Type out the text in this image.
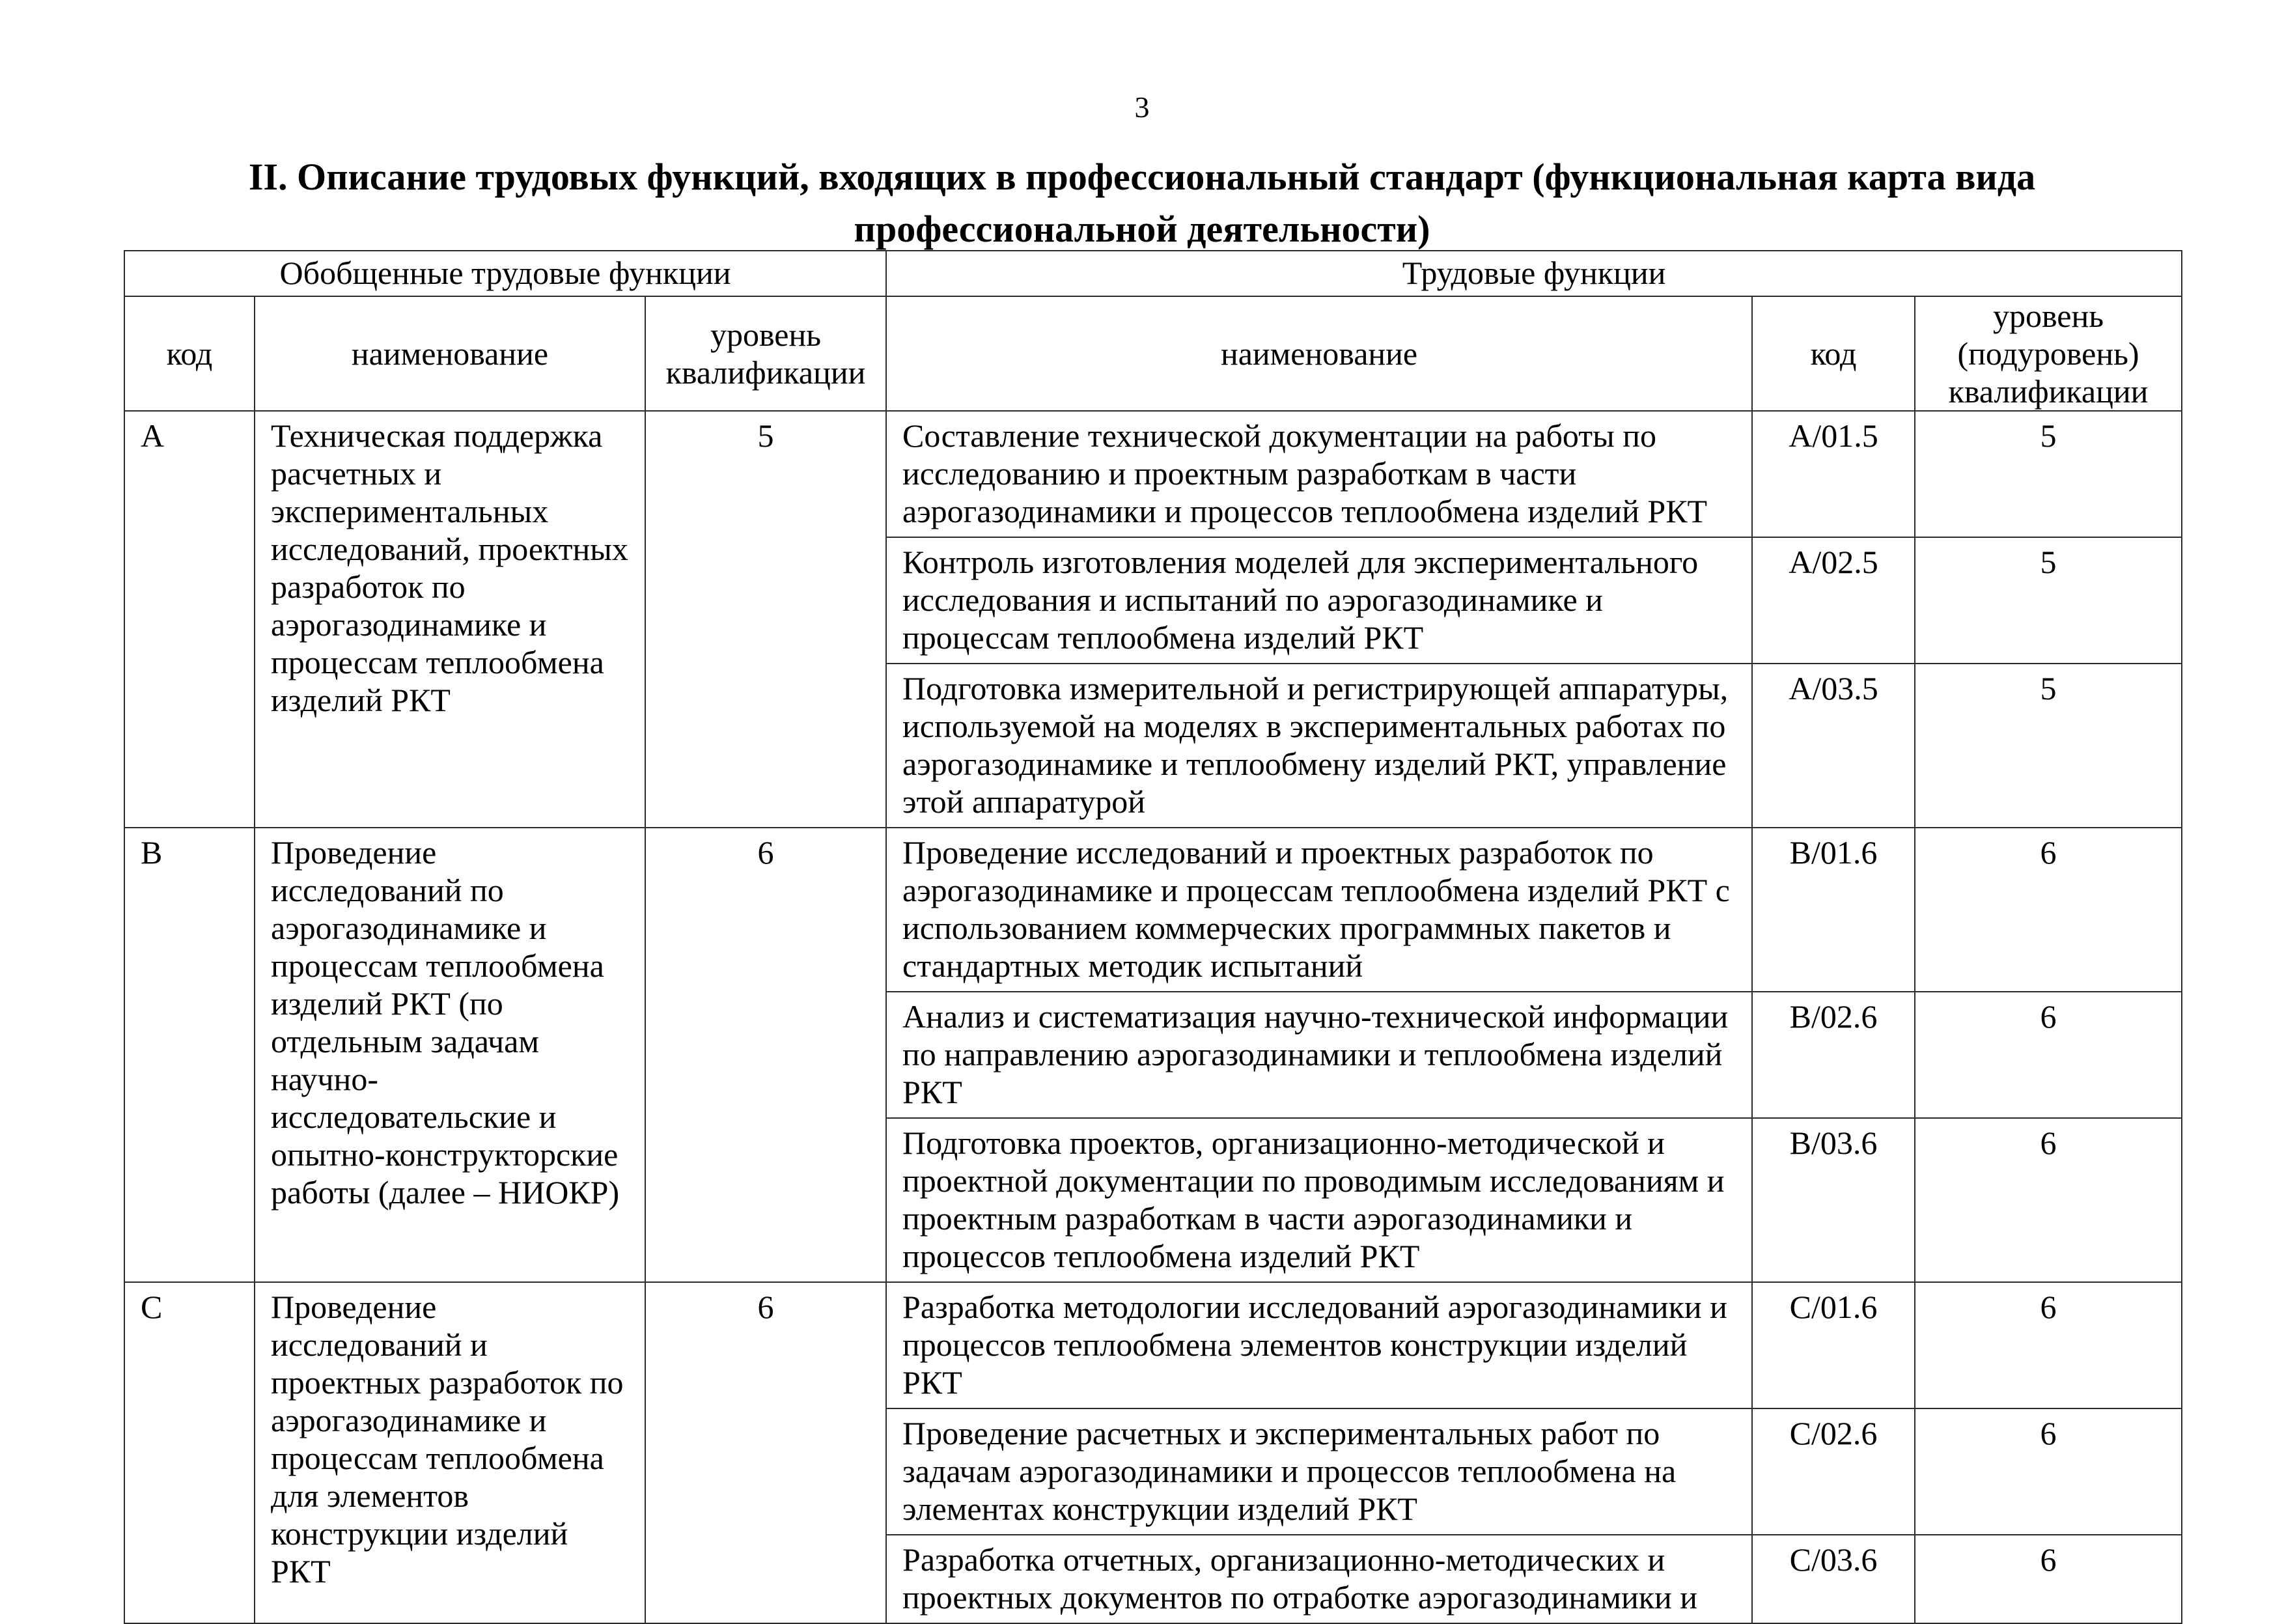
3
II. Описание трудовых функций, входящих в профессиональный стандарт (функциональная карта вида профессиональной деятельности)
Обобщенные трудовые функции			Трудовые функции		
код	наименование	уровень квалификации	наименование	код	уровень (подуровень) квалификации
A	Техническая поддержка расчетных и экспериментальных исследований, проектных разработок по аэрогазодинамике и процессам теплообмена изделий РКТ	5	Составление технической документации на работы по исследованию и проектным разработкам в части аэрогазодинамики и процессов теплообмена изделий РКТ	A/01.5	5
			Контроль изготовления моделей для экспериментального исследования и испытаний по аэрогазодинамике и процессам теплообмена изделий РКТ	A/02.5	5
			Подготовка измерительной и регистрирующей аппаратуры, используемой на моделях в экспериментальных работах по аэрогазодинамике и теплообмену изделий РКТ, управление этой аппаратурой	A/03.5	5
B	Проведение исследований по аэрогазодинамике и процессам теплообмена изделий РКТ (по отдельным задачам научно-исследовательские и опытно-конструкторские работы (далее – НИОКР)	6	Проведение исследований и проектных разработок по аэрогазодинамике и процессам теплообмена изделий РКТ с использованием коммерческих программных пакетов и стандартных методик испытаний	B/01.6	6
			Анализ и систематизация научно-технической информации по направлению аэрогазодинамики и теплообмена изделий РКТ	B/02.6	6
			Подготовка проектов, организационно-методической и проектной документации по проводимым исследованиям и проектным разработкам в части аэрогазодинамики и процессов теплообмена изделий РКТ	B/03.6	6
C	Проведение исследований и проектных разработок по аэрогазодинамике и процессам теплообмена для элементов конструкции изделий РКТ	6	Разработка методологии исследований аэрогазодинамики и процессов теплообмена элементов конструкции изделий РКТ	C/01.6	6
			Проведение расчетных и экспериментальных работ по задачам аэрогазодинамики и процессов теплообмена на элементах конструкции изделий РКТ	C/02.6	6
			Разработка отчетных, организационно-методических и проектных документов по отработке аэрогазодинамики и	C/03.6	6
